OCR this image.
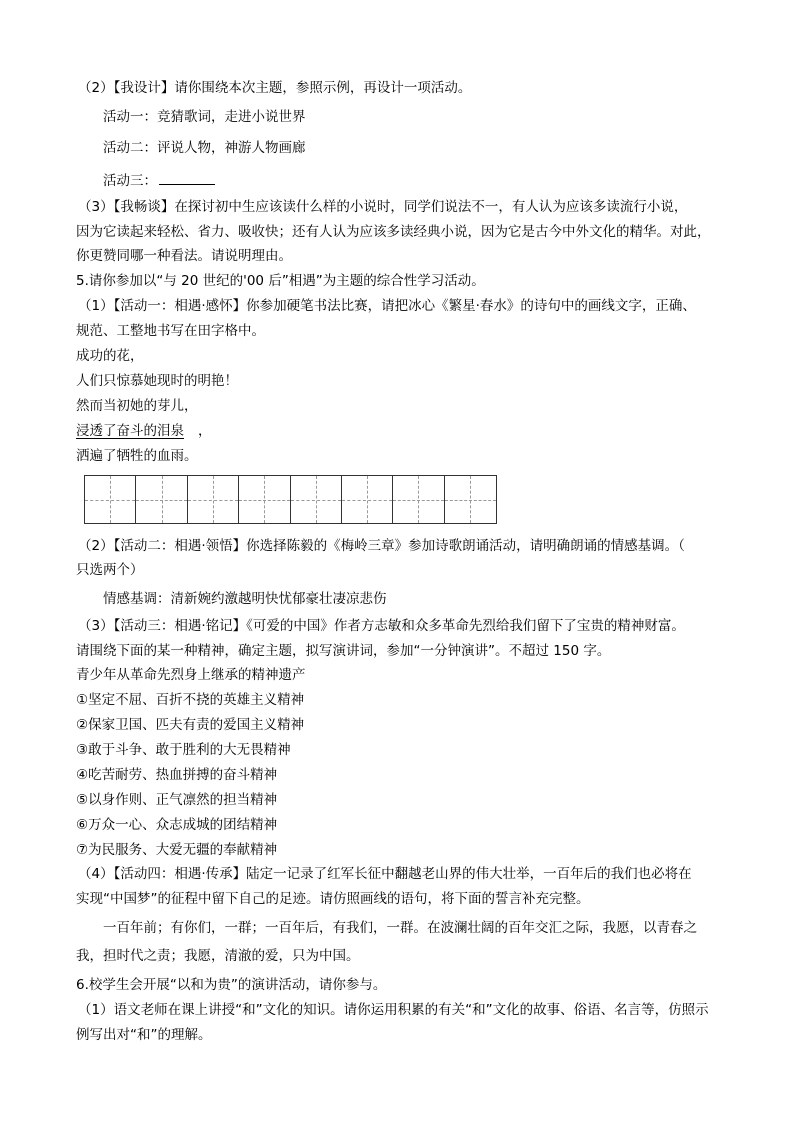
（2）【我设计】请你围绕本次主题，参照示例，再设计一项活动。
活动一：竞猜歌词，走进小说世界
活动二：评说人物，神游人物画廊
活动三：
（3）【我畅谈】在探讨初中生应该读什么样的小说时，同学们说法不一，有人认为应该多读流行小说，
因为它读起来轻松、省力、吸收快；还有人认为应该多读经典小说，因为它是古今中外文化的精华。对此，
你更赞同哪一种看法。请说明理由。
5.请你参加以“与 20 世纪的'00 后”相遇”为主题的综合性学习活动。
（1）【活动一：相遇·感怀】你参加硬笔书法比赛，请把冰心《繁星·春水》的诗句中的画线文字，正确、
规范、工整地书写在田字格中。
成功的花，
人们只惊慕她现时的明艳！
然而当初她的芽儿，
浸透了奋斗的泪泉 ，
洒遍了牺牲的血雨。
（2）【活动二：相遇·领悟】你选择陈毅的《梅岭三章》参加诗歌朗诵活动，请明确朗诵的情感基调。（
只选两个）
情感基调：清新婉约激越明快忧郁豪壮凄凉悲伤
（3）【活动三：相遇·铭记】《可爱的中国》作者方志敏和众多革命先烈给我们留下了宝贵的精神财富。
请围绕下面的某一种精神，确定主题，拟写演讲词，参加“一分钟演讲”。不超过 150 字。
青少年从革命先烈身上继承的精神遗产
①坚定不屈、百折不挠的英雄主义精神
②保家卫国、匹夫有责的爱国主义精神
③敢于斗争、敢于胜利的大无畏精神
④吃苦耐劳、热血拼搏的奋斗精神
⑤以身作则、正气凛然的担当精神
⑥万众一心、众志成城的团结精神
⑦为民服务、大爱无疆的奉献精神
（4）【活动四：相遇·传承】陆定一记录了红军长征中翻越老山界的伟大壮举，一百年后的我们也必将在
实现“中国梦”的征程中留下自己的足迹。请仿照画线的语句，将下面的誓言补充完整。
一百年前；有你们，一群；一百年后，有我们，一群。在波澜壮阔的百年交汇之际，我愿，以青春之
我，担时代之责；我愿，清澈的爱，只为中国。
6.校学生会开展“以和为贵”的演讲活动，请你参与。
（1）语文老师在课上讲授“和”文化的知识。请你运用积累的有关“和”文化的故事、俗语、名言等，仿照示
例写出对“和”的理解。
